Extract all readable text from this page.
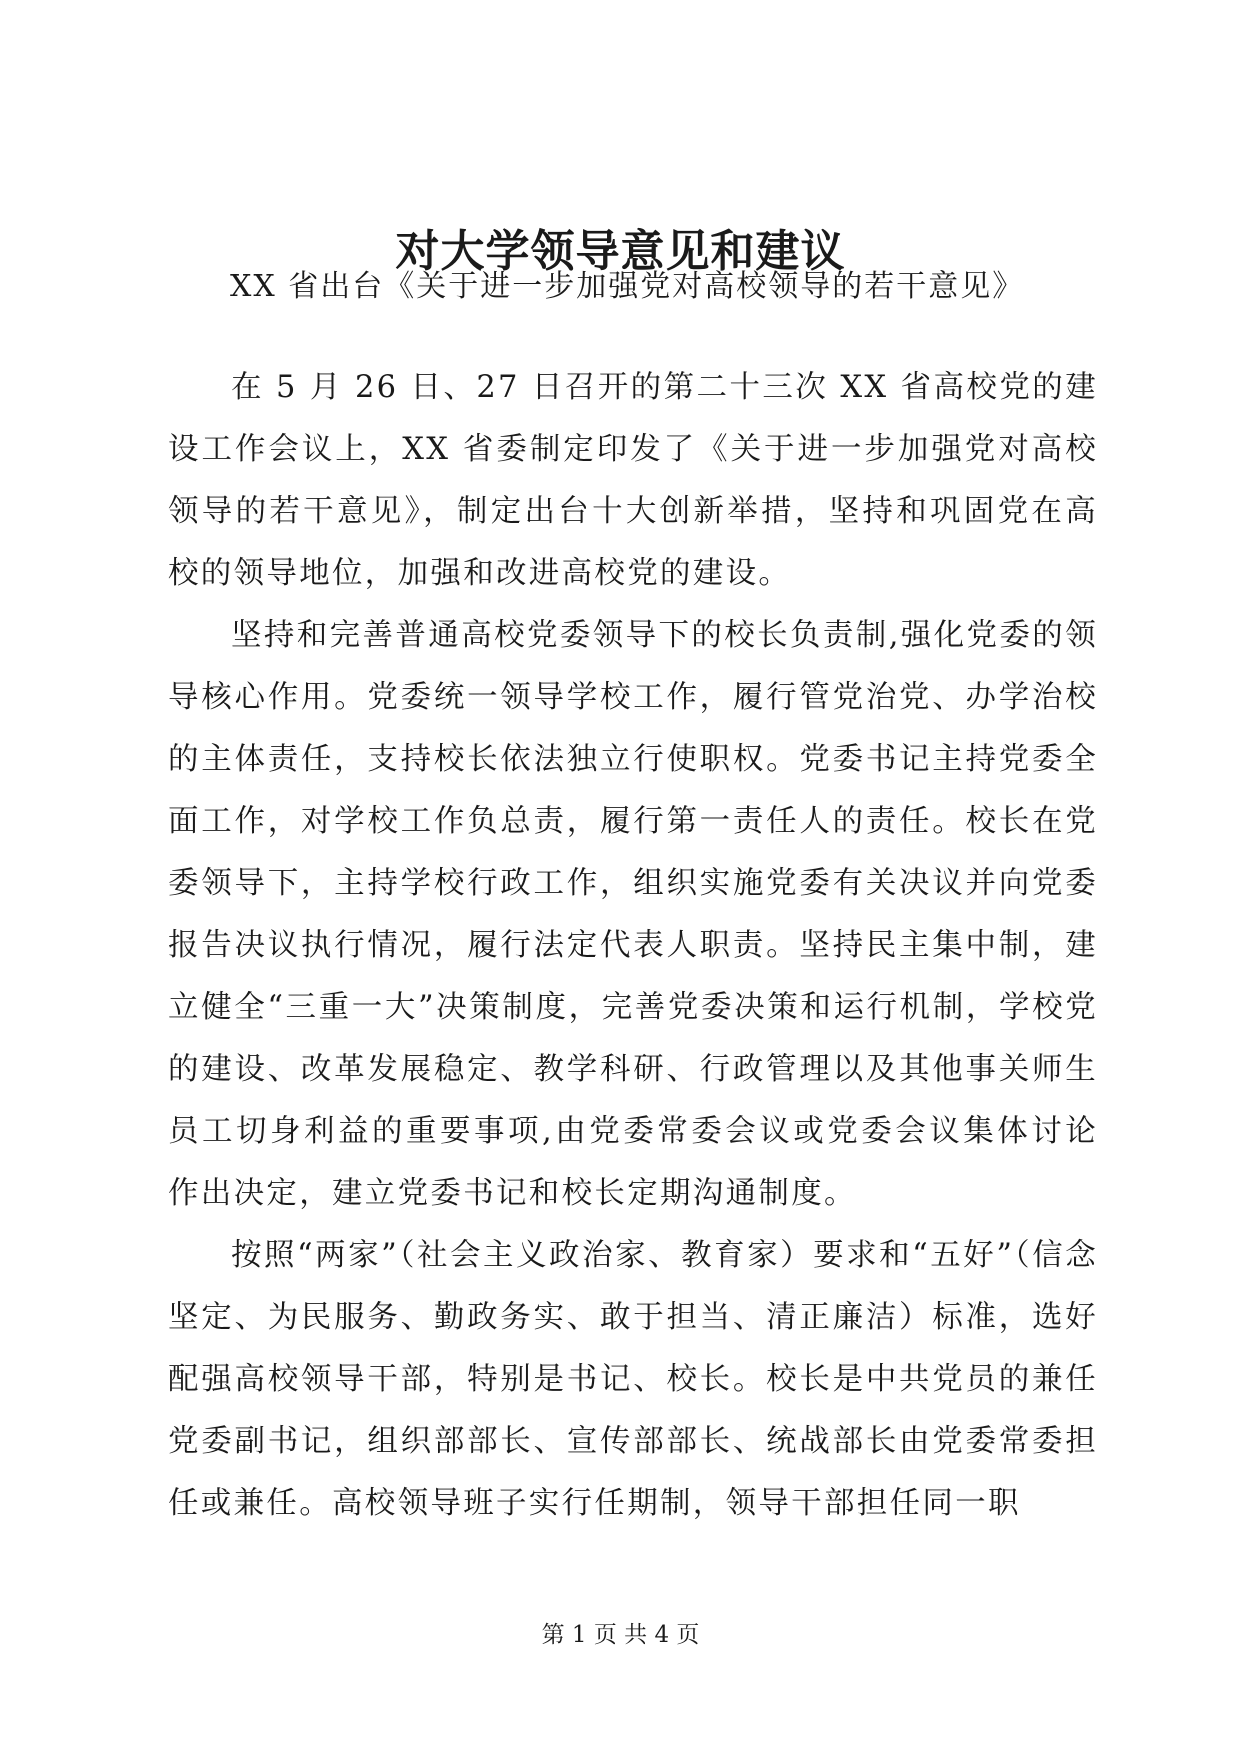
对大学领导意见和建议
XX 省出台《关于进一步加强党对高校领导的若干意见》

在 5 月 26 日、27 日召开的第二十三次 XX 省高校党的建设工作会议上，XX 省委制定印发了《关于进一步加强党对高校领导的若干意见》，制定出台十大创新举措，坚持和巩固党在高校的领导地位，加强和改进高校党的建设。

坚持和完善普通高校党委领导下的校长负责制,强化党委的领导核心作用。党委统一领导学校工作，履行管党治党、办学治校的主体责任，支持校长依法独立行使职权。党委书记主持党委全面工作，对学校工作负总责，履行第一责任人的责任。校长在党委领导下，主持学校行政工作，组织实施党委有关决议并向党委报告决议执行情况，履行法定代表人职责。坚持民主集中制，建立健全“三重一大”决策制度，完善党委决策和运行机制，学校党的建设、改革发展稳定、教学科研、行政管理以及其他事关师生员工切身利益的重要事项,由党委常委会议或党委会议集体讨论作出决定，建立党委书记和校长定期沟通制度。

按照“两家”（社会主义政治家、教育家）要求和“五好”（信念坚定、为民服务、勤政务实、敢于担当、清正廉洁）标准，选好配强高校领导干部，特别是书记、校长。校长是中共党员的兼任党委副书记，组织部部长、宣传部部长、统战部长由党委常委担任或兼任。高校领导班子实行任期制，领导干部担任同一职

第 1 页 共 4 页
